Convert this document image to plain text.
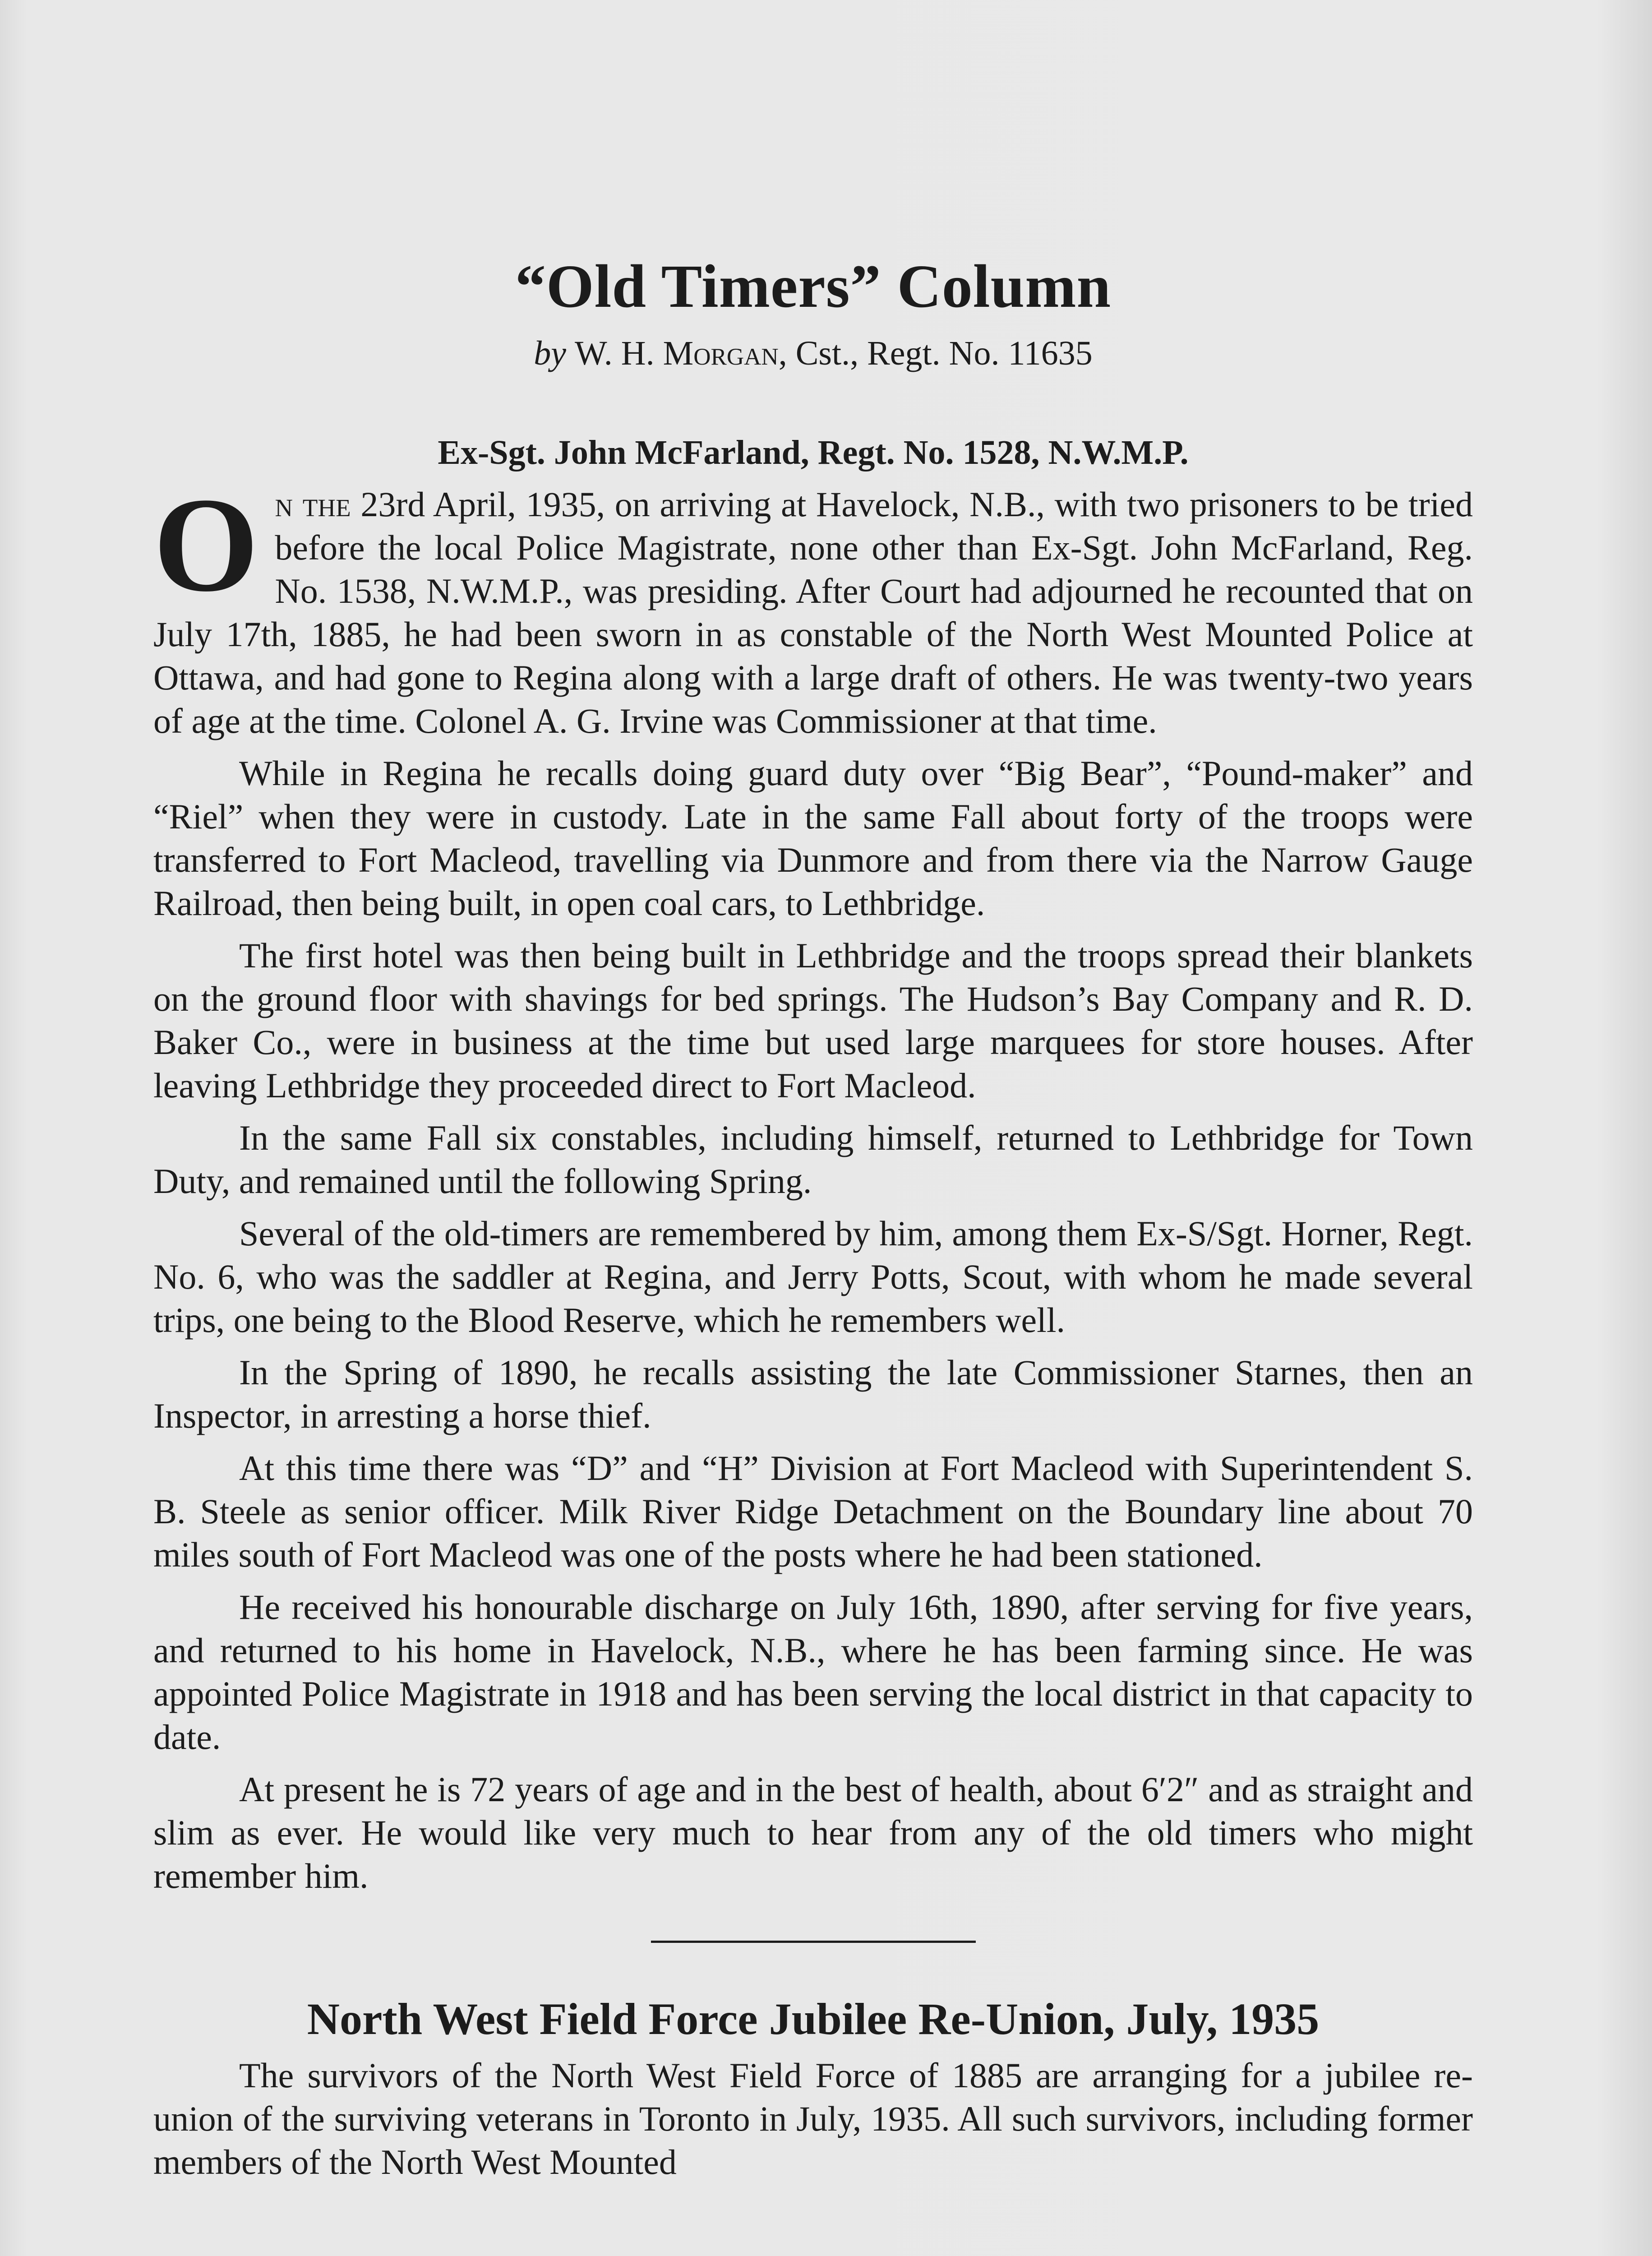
“Old Timers” Column
by W. H. Morgan, Cst., Regt. No. 11635
Ex-Sgt. John McFarland, Regt. No. 1528, N.W.M.P.

On the 23rd April, 1935, on arriving at Havelock, N.B., with two prisoners to be tried before the local Police Magistrate, none other than Ex-Sgt. John McFarland, Reg. No. 1538, N.W.M.P., was presiding. After Court had adjourned he recounted that on July 17th, 1885, he had been sworn in as constable of the North West Mounted Police at Ottawa, and had gone to Regina along with a large draft of others. He was twenty-two years of age at the time. Colonel A. G. Irvine was Commissioner at that time.

While in Regina he recalls doing guard duty over “Big Bear”, “Pound-maker” and “Riel” when they were in custody. Late in the same Fall about forty of the troops were transferred to Fort Macleod, travelling via Dunmore and from there via the Narrow Gauge Railroad, then being built, in open coal cars, to Lethbridge.

The first hotel was then being built in Lethbridge and the troops spread their blankets on the ground floor with shavings for bed springs. The Hudson’s Bay Company and R. D. Baker Co., were in business at the time but used large marquees for store houses. After leaving Lethbridge they proceeded direct to Fort Macleod.

In the same Fall six constables, including himself, returned to Lethbridge for Town Duty, and remained until the following Spring.

Several of the old-timers are remembered by him, among them Ex-S/Sgt. Horner, Regt. No. 6, who was the saddler at Regina, and Jerry Potts, Scout, with whom he made several trips, one being to the Blood Reserve, which he remembers well.

In the Spring of 1890, he recalls assisting the late Commissioner Starnes, then an Inspector, in arresting a horse thief.

At this time there was “D” and “H” Division at Fort Macleod with Superintendent S. B. Steele as senior officer. Milk River Ridge Detachment on the Boundary line about 70 miles south of Fort Macleod was one of the posts where he had been stationed.

He received his honourable discharge on July 16th, 1890, after serving for five years, and returned to his home in Havelock, N.B., where he has been farming since. He was appointed Police Magistrate in 1918 and has been serving the local district in that capacity to date.

At present he is 72 years of age and in the best of health, about 6′2″ and as straight and slim as ever. He would like very much to hear from any of the old timers who might remember him.

North West Field Force Jubilee Re-Union, July, 1935

The survivors of the North West Field Force of 1885 are arranging for a jubilee re-union of the surviving veterans in Toronto in July, 1935. All such survivors, including former members of the North West Mounted
